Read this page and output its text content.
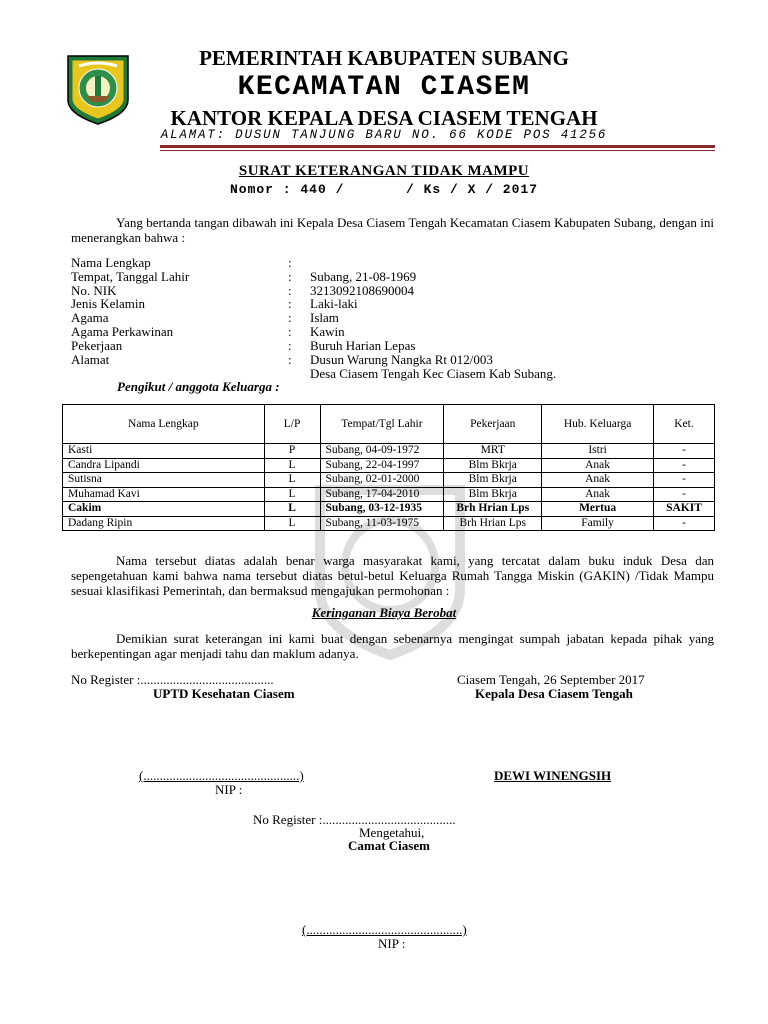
PEMERINTAH KABUPATEN SUBANG
KECAMATAN CIASEM
KANTOR KEPALA DESA CIASEM TENGAH
ALAMAT: DUSUN TANJUNG BARU NO. 66 KODE POS 41256
SURAT KETERANGAN TIDAK MAMPU
Nomor : 440 /       / Ks / X / 2017
Yang bertanda tangan dibawah ini Kepala Desa Ciasem Tengah Kecamatan Ciasem Kabupaten Subang, dengan ini menerangkan bahwa :
Nama Lengkap	:
Tempat, Tanggal Lahir	: Subang, 21-08-1969
No. NIK	: 3213092108690004
Jenis Kelamin	: Laki-laki
Agama	: Islam
Agama Perkawinan	: Kawin
Pekerjaan	: Buruh Harian Lepas
Alamat	: Dusun Warung Nangka Rt 012/003
Desa Ciasem Tengah Kec Ciasem Kab Subang.
Pengikut / anggota Keluarga :
Nama Lengkap	L/P	Tempat/Tgl Lahir	Pekerjaan	Hub. Keluarga	Ket.
Kasti	P	Subang, 04-09-1972	MRT	Istri	-
Candra Lipandi	L	Subang, 22-04-1997	Blm Bkrja	Anak	-
Sutisna	L	Subang, 02-01-2000	Blm Bkrja	Anak	-
Muhamad Kavi	L	Subang, 17-04-2010	Blm Bkrja	Anak	-
Cakim	L	Subang, 03-12-1935	Brh Hrian Lps	Mertua	SAKIT
Dadang Ripin	L	Subang, 11-03-1975	Brh Hrian Lps	Family	-
Nama tersebut diatas adalah benar warga masyarakat kami, yang tercatat dalam buku induk Desa dan sepengetahuan kami bahwa nama tersebut diatas betul-betul Keluarga Rumah Tangga Miskin (GAKIN) /Tidak Mampu sesuai klasifikasi Pemerintah, dan bermaksud mengajukan permohonan :
Keringanan Biaya Berobat
Demikian surat keterangan ini kami buat dengan sebenarnya mengingat sumpah jabatan kepada pihak yang berkepentingan agar menjadi tahu dan maklum adanya.
No Register :.........................................
UPTD Kesehatan Ciasem
Ciasem Tengah, 26 September 2017
Kepala Desa Ciasem Tengah
(................................................)
NIP :
DEWI WINENGSIH
No Register :.........................................
Mengetahui,
Camat Ciasem
(................................................)
NIP :
